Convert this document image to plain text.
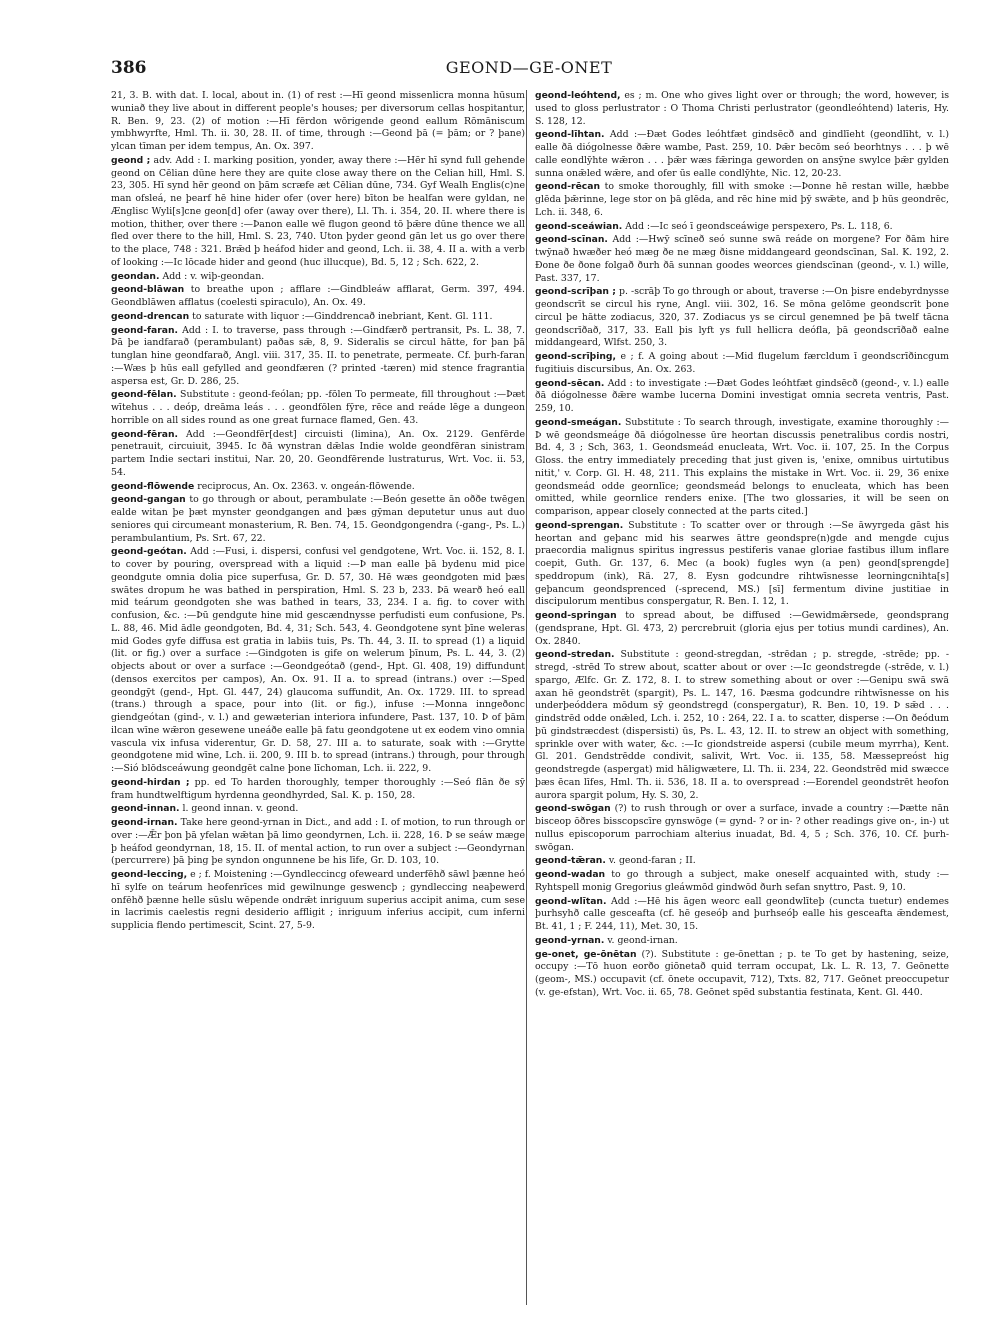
386	GEOND—GE-ONET

21, 3. B. with dat. I. local, about in. (1) of rest :—Hī geond missenlicra monna hūsum wuniað they live about in different people's houses; per diversorum cellas hospitantur, R. Ben. 9, 23. (2) of motion :—Hī fērdon wōrigende geond eallum Rōmāniscum ymbhwyrfte, Hml. Th. ii. 30, 28. II. of time, through :—Geond þā (= þām; or ? þane) ylcan tīman per idem tempus, An. Ox. 397.

geond ; adv. Add : I. marking position, yonder, away there :—Hēr hī synd full gehende geond on Cēlian dūne here they are quite close away there on the Celian hill, Hml. S. 23, 305. Hī synd hēr geond on þām scræfe æt Cēlian dūne, 734. Gyf Wealh Englis(c)ne man ofsleá, ne þearf hē hine hider ofer (over here) bīton be healfan were gyldan, ne Ænglisc Wyli[s]cne geon[d] ofer (away over there), Ll. Th. i. 354, 20. II. where there is motion, thither, over there :—Þanon ealle wē flugon geond tō þǣre dūne thence we all fled over there to the hill, Hml. S. 23, 740. Uton þyder geond gān let us go over there to the place, 748 : 321. Brǣd þ heáfod hider and geond, Lch. ii. 38, 4. II a. with a verb of looking :—Ic lōcade hider and geond (huc illucque), Bd. 5, 12 ; Sch. 622, 2.

geondan. Add : v. wiþ-geondan.

geond-blāwan to breathe upon ; afflare :—Gindbleáw afflarat, Germ. 397, 494. Geondblāwen afflatus (coelesti spiraculo), An. Ox. 49.

geond-drencan to saturate with liquor :—Ginddrencað inebriant, Kent. Gl. 111.

geond-faran. Add : I. to traverse, pass through :—Gindfærð pertransit, Ps. L. 38, 7. Þā þe iandfarað (perambulant) paðas sǣ, 8, 9. Sideralis se circul hātte, for þan þā tunglan hine geondfarað, Angl. viii. 317, 35. II. to penetrate, permeate. Cf. þurh-faran :—Wæs þ hūs eall gefylled and geondfæren (? printed -tæren) mid stence fragrantia aspersa est, Gr. D. 286, 25.

geond-fēlan. Substitute : geond-feólan; pp. -fōlen To permeate, fill throughout :—Þæt wītehus . . . deóp, dreāma leás . . . geondfōlen fȳre, rēce and reáde lēge a dungeon horrible on all sides round as one great furnace flamed, Gen. 43.

geond-fēran. Add :—Geondfēr[dest] circuisti (limina), An. Ox. 2129. Genfērde penetrauit, circuiuit, 3945. Ic ðā wynstran dǣlas Indie wolde geondfēran sinistram partem Indie sectari institui, Nar. 20, 20. Geondfērende lustraturus, Wrt. Voc. ii. 53, 54.

geond-flōwende reciprocus, An. Ox. 2363. v. ongeán-flōwende.

geond-gangan to go through or about, perambulate :—Beón gesette ān oððe twēgen ealde witan þe þæt mynster geondgangen and þæs gȳman deputetur unus aut duo seniores qui circumeant monasterium, R. Ben. 74, 15. Geondgongendra (-gang-, Ps. L.) perambulantium, Ps. Srt. 67, 22.

geond-geótan. Add :—Fusi, i. dispersi, confusi vel gendgotene, Wrt. Voc. ii. 152, 8. I. to cover by pouring, overspread with a liquid :—Þ man ealle þā bydenu mid pice geondgute omnia dolia pice superfusa, Gr. D. 57, 30. Hē wæs geondgoten mid þæs swātes dropum he was bathed in perspiration, Hml. S. 23 b, 233. Þā wearð heó eall mid teárum geondgoten she was bathed in tears, 33, 234. I a. fig. to cover with confusion, &c. :—Þū gendgute hine mid gescændnysse perfudisti eum confusione, Ps. L. 88, 46. Mid ādle geondgoten, Bd. 4, 31; Sch. 543, 4. Geondgotene synt þīne weleras mid Godes gyfe diffusa est gratia in labiis tuis, Ps. Th. 44, 3. II. to spread (1) a liquid (lit. or fig.) over a surface :—Gindgoten is gife on welerum þīnum, Ps. L. 44, 3. (2) objects about or over a surface :—Geondgeótað (gend-, Hpt. Gl. 408, 19) diffundunt (densos exercitos per campos), An. Ox. 91. II a. to spread (intrans.) over :—Sped geondgȳt (gend-, Hpt. Gl. 447, 24) glaucoma suffundit, An. Ox. 1729. III. to spread (trans.) through a space, pour into (lit. or fig.), infuse :—Monna inngeðonc giendgeótan (gind-, v. l.) and gewæterian interiora infundere, Past. 137, 10. Þ of þām ilcan wīne wǣron gesewene uneáðe ealle þā fatu geondgotene ut ex eodem vino omnia vascula vix infusa viderentur, Gr. D. 58, 27. III a. to saturate, soak with :—Grytte geondgotene mid wīne, Lch. ii. 200, 9. III b. to spread (intrans.) through, pour through :—Sió blōdsceáwung geondgēt calne þone līchoman, Lch. ii. 222, 9.

geond-hirdan ; pp. ed To harden thoroughly, temper thoroughly :—Seó flān ðe sȳ fram hundtwelftigum hyrdenna geondhyrded, Sal. K. p. 150, 28.

geond-innan. l. geond innan. v. geond.

geond-irnan. Take here geond-yrnan in Dict., and add : I. of motion, to run through or over :—Ǣr þon þā yfelan wǣtan þā limo geondyrnen, Lch. ii. 228, 16. Þ se seáw mæge þ heáfod geondyrnan, 18, 15. II. of mental action, to run over a subject :—Geondyrnan (percurrere) þā þing þe syndon ongunnene be his līfe, Gr. D. 103, 10.

geond-leccing, e ; f. Moistening :—Gyndleccincg ofeweard underfēhð sāwl þænne heó hī sylfe on teárum heofenrīces mid gewilnunge geswencþ ; gyndleccing neaþewerd onfēhð þænne helle sūslu wēpende ondrǣt inriguum superius accipit anima, cum sese in lacrimis caelestis regni desiderio affligit ; inriguum inferius accipit, cum inferni supplicia flendo pertimescit, Scint. 27, 5-9.

geond-leóhtend, es ; m. One who gives light over or through; the word, however, is used to gloss perlustrator : O Thoma Christi perlustrator (geondleóhtend) lateris, Hy. S. 128, 12.

geond-līhtan. Add :—Ðæt Godes leóhtfæt gindsēcð and gindlīeht (geondlīht, v. l.) ealle ðā diógolnesse ðǣre wambe, Past. 259, 10. Þǣr becōm seó beorhtnys . . . þ wē calle eondlȳhte wǣron . . . þǣr wæs fǣringa geworden on ansȳne swylce þǣr gylden sunna onǣled wǣre, and ofer ūs ealle condlȳhte, Nic. 12, 20-23.

geond-rēcan to smoke thoroughly, fill with smoke :—Þonne hē restan wille, hæbbe glēda þǣrinne, lege stor on þā glēda, and rēc hine mid þȳ swǣte, and þ hūs geondrēc, Lch. ii. 348, 6.

geond-sceáwian. Add :—Ic seó ī geondsceáwige perspexero, Ps. L. 118, 6.

geond-scīnan. Add :—Hwȳ scīneð seó sunne swā reáde on morgene? For ðām hire twȳnað hwæðer heó mæg ðe ne mæg ðisne middangeard geondscīnan, Sal. K. 192, 2. Ðone ðe ðone folgað ðurh ðā sunnan goodes weorces giendscīnan (geond-, v. l.) wille, Past. 337, 17.

geond-scrīþan ; p. -scrāþ To go through or about, traverse :—On þisre endebyrdnysse geondscrīt se circul his ryne, Angl. viii. 302, 16. Se mōna gelōme geondscrīt þone circul þe hātte zodiacus, 320, 37. Zodiacus ys se circul genemned þe þā twelf tācna geondscrīðað, 317, 33. Eall þis lyft ys full hellicra deófla, þā geondscrīðað ealne middangeard, Wlfst. 250, 3.

geond-scrīþing, e ; f. A going about :—Mid flugelum færcldum ī geondscrīðincgum fugitiuis discursibus, An. Ox. 263.

geond-sēcan. Add : to investigate :—Ðæt Godes leóhtfæt gindsēcð (geond-, v. l.) ealle ðā diógolnesse ðǣre wambe lucerna Domini investigat omnia secreta ventris, Past. 259, 10.

geond-smeágan. Substitute : To search through, investigate, examine thoroughly :—Þ wē geondsmeáge ðā diógolnesse ūre heortan discussis penetralibus cordis nostri, Bd. 4, 3 ; Sch, 363, 1. Geondsmeád enucleata, Wrt. Voc. ii. 107, 25. In the Corpus Gloss. the entry immediately preceding that just given is, 'enixe, omnibus uirtutibus nitit,' v. Corp. Gl. H. 48, 211. This explains the mistake in Wrt. Voc. ii. 29, 36 enixe geondsmeád odde geornlīce; geondsmeád belongs to enucleata, which has been omitted, while geornlice renders enixe. [The two glossaries, it will be seen on comparison, appear closely connected at the parts cited.]

geond-sprengan. Substitute : To scatter over or through :—Se āwyrgeda gāst his heortan and geþanc mid his searwes āttre geondspre(n)gde and mengde cujus praecordia malignus spiritus ingressus pestiferis vanae gloriae fastibus illum inflare coepit, Guth. Gr. 137, 6. Mec (a book) fugles wyn (a pen) geond[sprengde] speddropum (ink), Rä. 27, 8. Eysn godcundre rihtwīsnesse leorningcnihta[s] geþancum geondsprenced (-sprecend, MS.) [sī] fermentum divine justitiae in discipulorum mentibus conspergatur, R. Ben. I. 12, 1.

geond-springan to spread about, be diffused :—Gewidmǣrsede, geondsprang (gendsprane, Hpt. Gl. 473, 2) percrebruit (gloria ejus per totius mundi cardines), An. Ox. 2840.

geond-stredan. Substitute : geond-stregdan, -strēdan ; p. stregde, -strēde; pp. -stregd, -strēd To strew about, scatter about or over :—Ic geondstregde (-strēde, v. l.) spargo, Ælfc. Gr. Z. 172, 8. I. to strew something about or over :—Genipu swā swā axan hē geondstrēt (spargit), Ps. L. 147, 16. Þæsma godcundre rihtwīsnesse on his underþeóddera mōdum sȳ geondstregd (conspergatur), R. Ben. 10, 19. Þ sǣd . . . gindstrēd odde onǣled, Lch. i. 252, 10 : 264, 22. I a. to scatter, disperse :—On ðeódum þū gindstræcdest (dispersisti) ūs, Ps. L. 43, 12. II. to strew an object with something, sprinkle over with water, &c. :—Ic giondstreide aspersi (cubile meum myrrha), Kent. Gl. 201. Gendstrēdde condivit, salivit, Wrt. Voc. ii. 135, 58. Mæssepreóst hig geondstregde (aspergat) mid hāligwætere, Ll. Th. ii. 234, 22. Geondstrēd mid swæcce þæs ēcan līfes, Hml. Th. ii. 536, 18. II a. to overspread :—Eorendel geondstrēt heofon aurora spargit polum, Hy. S. 30, 2.

geond-swōgan (?) to rush through or over a surface, invade a country :—Þætte nān bisceop ōðres bisscopscīre gynswōge (= gynd- ? or in- ? other readings give on-, in-) ut nullus episcoporum parrochiam alterius inuadat, Bd. 4, 5 ; Sch. 376, 10. Cf. þurh-swōgan.

geond-tǣran. v. geond-faran ; II.

geond-wadan to go through a subject, make oneself acquainted with, study :—Ryhtspell monig Gregorius gleáwmōd gindwōd ðurh sefan snyttro, Past. 9, 10.

geond-wlītan. Add :—Hē his āgen weorc eall geondwlīteþ (cuncta tuetur) endemes þurhsyhð calle gesceafta (cf. hē geseóþ and þurhseóþ ealle his gesceafta ǣndemest, Bt. 41, 1 ; F. 244, 11), Met. 30, 15.

geond-yrnan. v. geond-irnan.

ge-onet, ge-ōnētan (?). Substitute : ge-ōnettan ; p. te To get by hastening, seize, occupy :—Tō huon eorðo giōnetað quid terram occupat, Lk. L. R. 13, 7. Geōnette (geom-, MS.) occupavit (cf. ōnete occupavit, 712), Txts. 82, 717. Geōnet preoccupetur (v. ge-efstan), Wrt. Voc. ii. 65, 78. Geōnet spēd substantia festinata, Kent. Gl. 440.
